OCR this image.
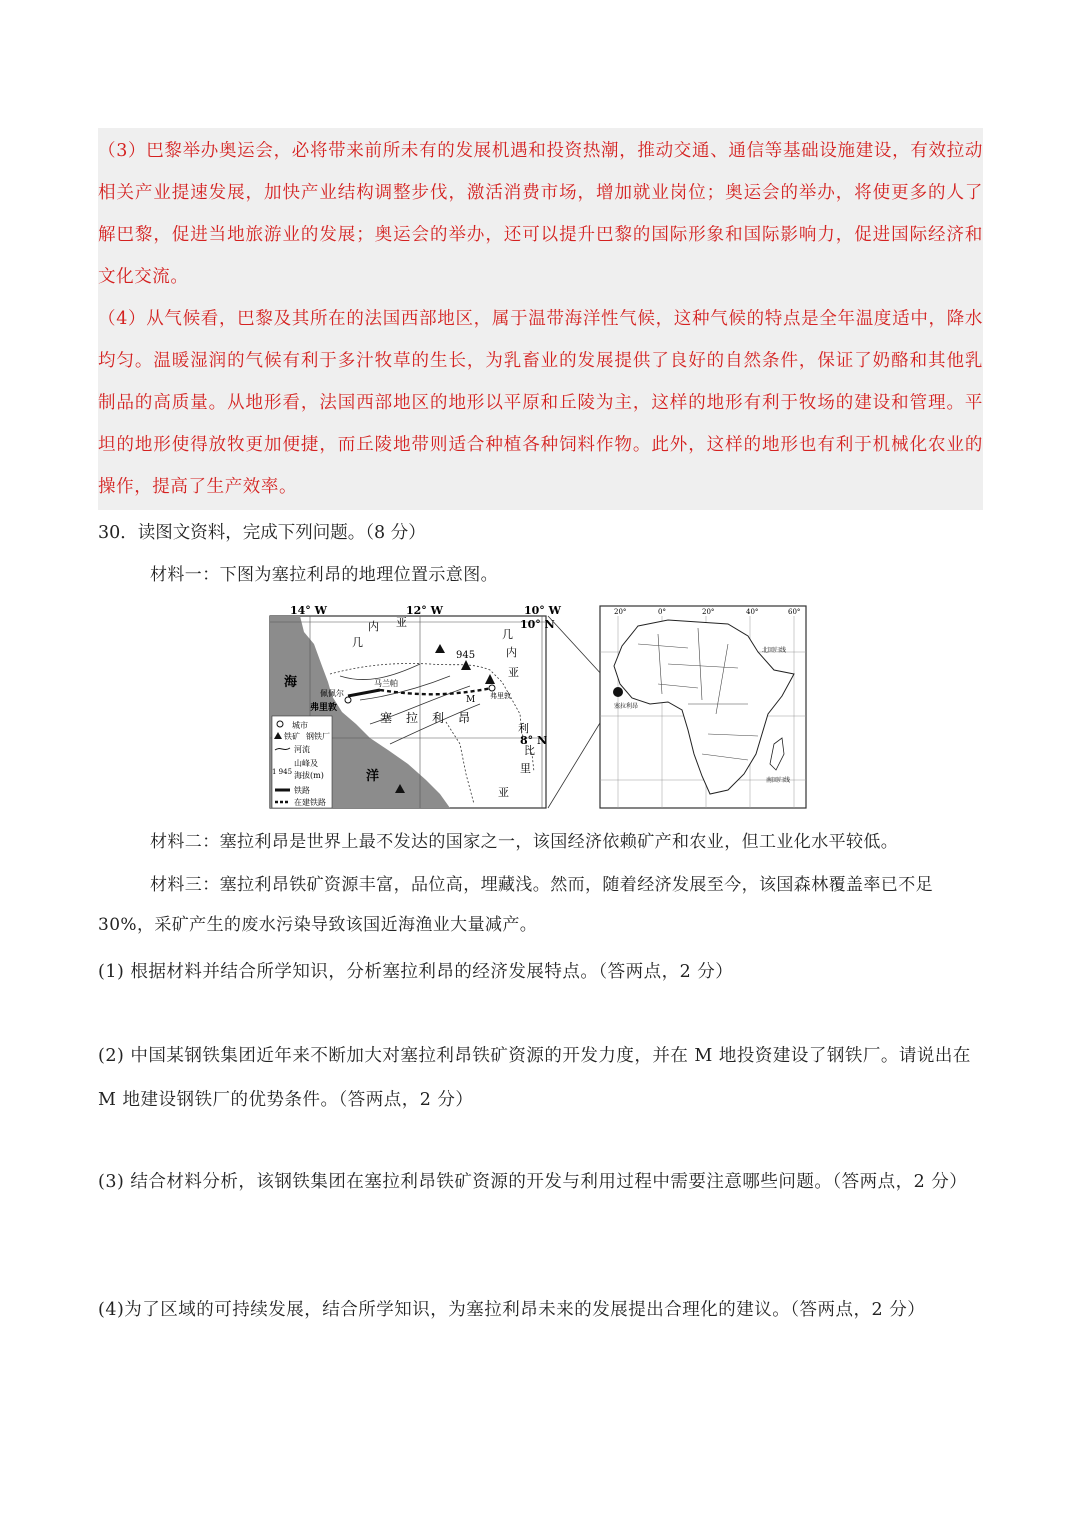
（3）巴黎举办奥运会，必将带来前所未有的发展机遇和投资热潮，推动交通、通信等基础设施建设，有效拉动相关产业提速发展，加快产业结构调整步伐，激活消费市场，增加就业岗位；奥运会的举办，将使更多的人了解巴黎，促进当地旅游业的发展；奥运会的举办，还可以提升巴黎的国际形象和国际影响力，促进国际经济和文化交流。

（4）从气候看，巴黎及其所在的法国西部地区，属于温带海洋性气候，这种气候的特点是全年温度适中，降水均匀。温暖湿润的气候有利于多汁牧草的生长，为乳畜业的发展提供了良好的自然条件，保证了奶酪和其他乳制品的高质量。从地形看，法国西部地区的地形以平原和丘陵为主，这样的地形有利于牧场的建设和管理。平坦的地形使得放牧更加便捷，而丘陵地带则适合种植各种饲料作物。此外，这样的地形也有利于机械化农业的操作，提高了生产效率。

30．读图文资料，完成下列问题。（8 分）

材料一：下图为塞拉利昂的地理位置示意图。

14° W	12° W	10° W
10° N
8° N
海
洋
几
内 亚
几
内
亚
塞 拉 利 昂
利
比
里
亚
945
M
佩佩尔
马兰帕
弗里敦
弗里敦
城市
铁矿 钢铁厂
河流
1 945
山峰及
海拔(m)
铁路
在建铁路
20°	0°	20°	40°	60°
塞拉利昂
北回归线
南回归线

材料二：塞拉利昂是世界上最不发达的国家之一，该国经济依赖矿产和农业，但工业化水平较低。

材料三：塞拉利昂铁矿资源丰富，品位高，埋藏浅。然而，随着经济发展至今，该国森林覆盖率已不足 30%，采矿产生的废水污染导致该国近海渔业大量减产。

(1) 根据材料并结合所学知识，分析塞拉利昂的经济发展特点。（答两点，2 分）

(2) 中国某钢铁集团近年来不断加大对塞拉利昂铁矿资源的开发力度，并在 M 地投资建设了钢铁厂。请说出在 M 地建设钢铁厂的优势条件。（答两点，2 分）

(3) 结合材料分析，该钢铁集团在塞拉利昂铁矿资源的开发与利用过程中需要注意哪些问题。（答两点，2 分）

(4)为了区域的可持续发展，结合所学知识，为塞拉利昂未来的发展提出合理化的建议。（答两点，2 分）
